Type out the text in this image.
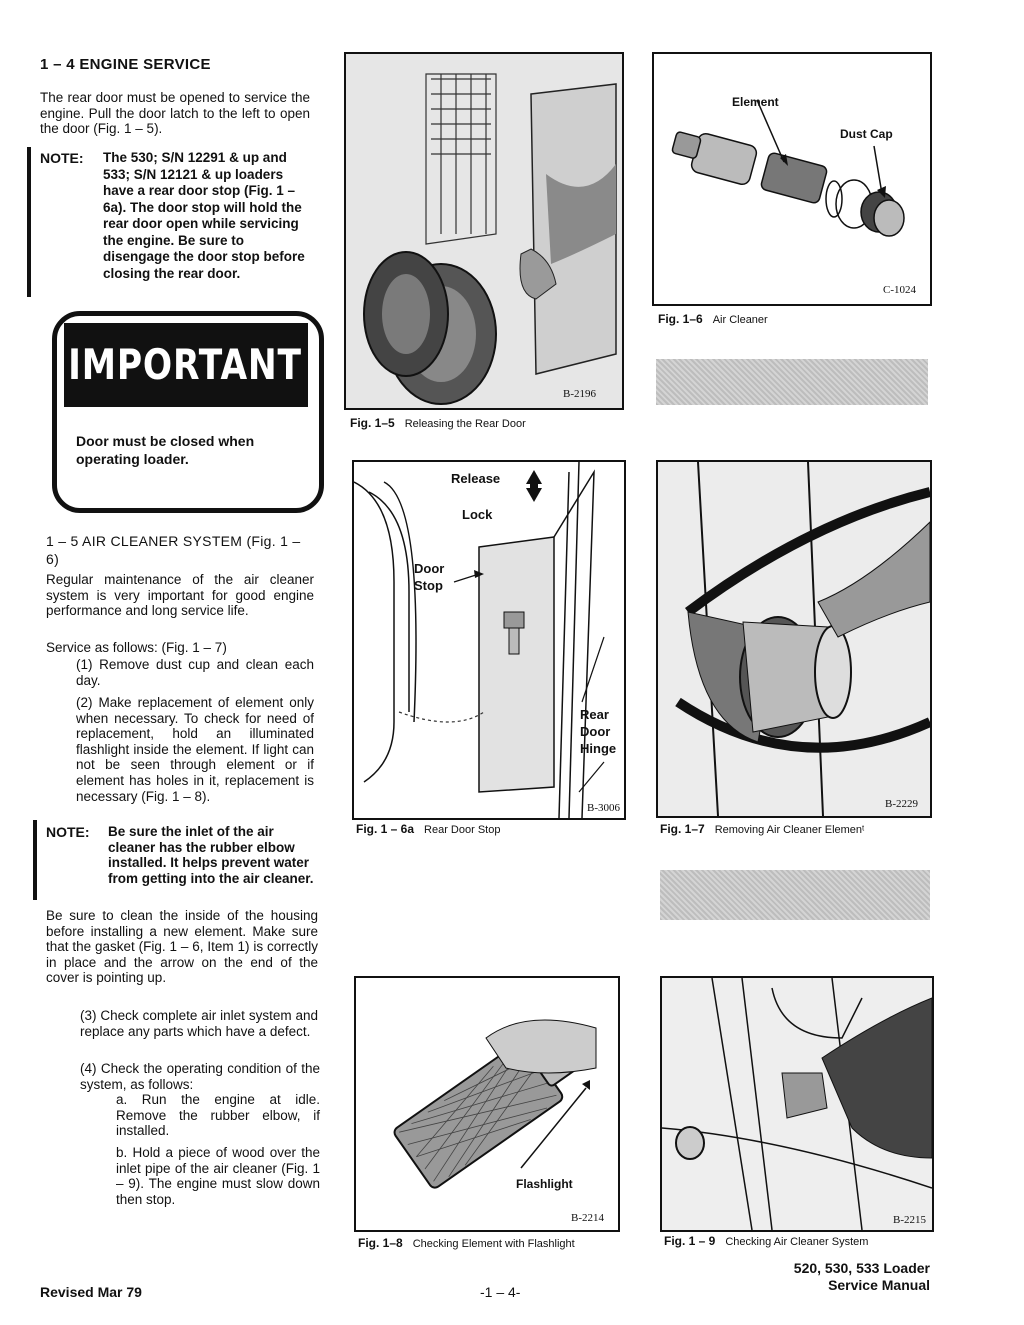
1 – 4 ENGINE SERVICE
The rear door must be opened to service the engine. Pull the door latch to the left to open the door (Fig. 1 – 5).
NOTE: The 530; S/N 12291 & up and 533; S/N 12121 & up loaders have a rear door stop (Fig. 1 – 6a). The door stop will hold the rear door open while servicing the engine. Be sure to disengage the door stop before closing the rear door.
IMPORTANT
Door must be closed when operating loader.
1 – 5 AIR CLEANER SYSTEM (Fig. 1 – 6)
Regular maintenance of the air cleaner system is very important for good engine performance and long service life.
Service as follows: (Fig. 1 – 7)
(1) Remove dust cup and clean each day.
(2) Make replacement of element only when necessary. To check for need of replacement, hold an illuminated flashlight inside the element. If light can not be seen through element or if element has holes in it, replacement is necessary (Fig. 1 – 8).
NOTE: Be sure the inlet of the air cleaner has the rubber elbow installed. It helps prevent water from getting into the air cleaner.
Be sure to clean the inside of the housing before installing a new element. Make sure that the gasket (Fig. 1 – 6, Item 1) is correctly in place and the arrow on the end of the cover is pointing up.
(3) Check complete air inlet system and replace any parts which have a defect.
(4) Check the operating condition of the system, as follows:
a. Run the engine at idle. Remove the rubber elbow, if installed.
b. Hold a piece of wood over the inlet pipe of the air cleaner (Fig. 1 – 9). The engine must slow down then stop.
B-2196
Fig. 1–5 Releasing the Rear Door
Element
Dust Cap
C-1024
Fig. 1–6 Air Cleaner
Release
Lock
Door Stop
Rear Door Hinge
B-3006
Fig. 1 – 6a Rear Door Stop
B-2229
Fig. 1–7 Removing Air Cleaner Elemenᵗ
Flashlight
B-2214
Fig. 1–8 Checking Element with Flashlight
B-2215
Fig. 1 – 9 Checking Air Cleaner System
Revised Mar 79	-1 – 4-
520, 530, 533 Loader
Service Manual
